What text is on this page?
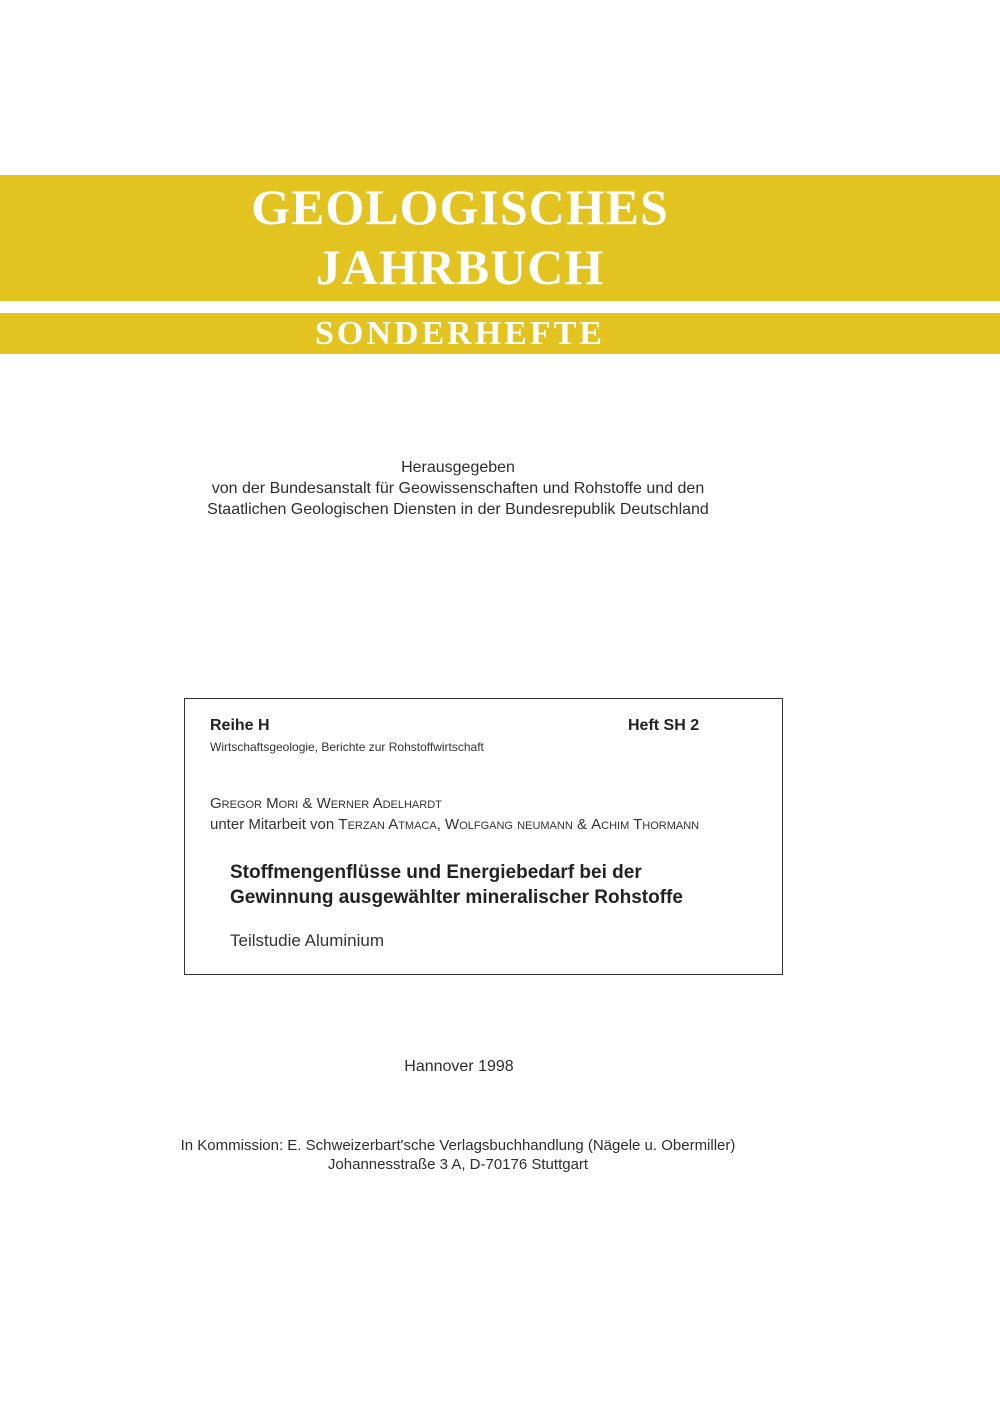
GEOLOGISCHES
JAHRBUCH
SONDERHEFTE
Herausgegeben
von der Bundesanstalt für Geowissenschaften und Rohstoffe und den
Staatlichen Geologischen Diensten in der Bundesrepublik Deutschland
Reihe H	Heft SH 2
Wirtschaftsgeologie, Berichte zur Rohstoffwirtschaft
Gregor Mori & Werner Adelhardt
unter Mitarbeit von Terzan Atmaca, Wolfgang neumann & Achim Thormann
Stoffmengenflüsse und Energiebedarf bei der
Gewinnung ausgewählter mineralischer Rohstoffe
Teilstudie Aluminium
Hannover 1998
In Kommission: E. Schweizerbart'sche Verlagsbuchhandlung (Nägele u. Obermiller)
Johannesstraße 3 A, D-70176 Stuttgart
